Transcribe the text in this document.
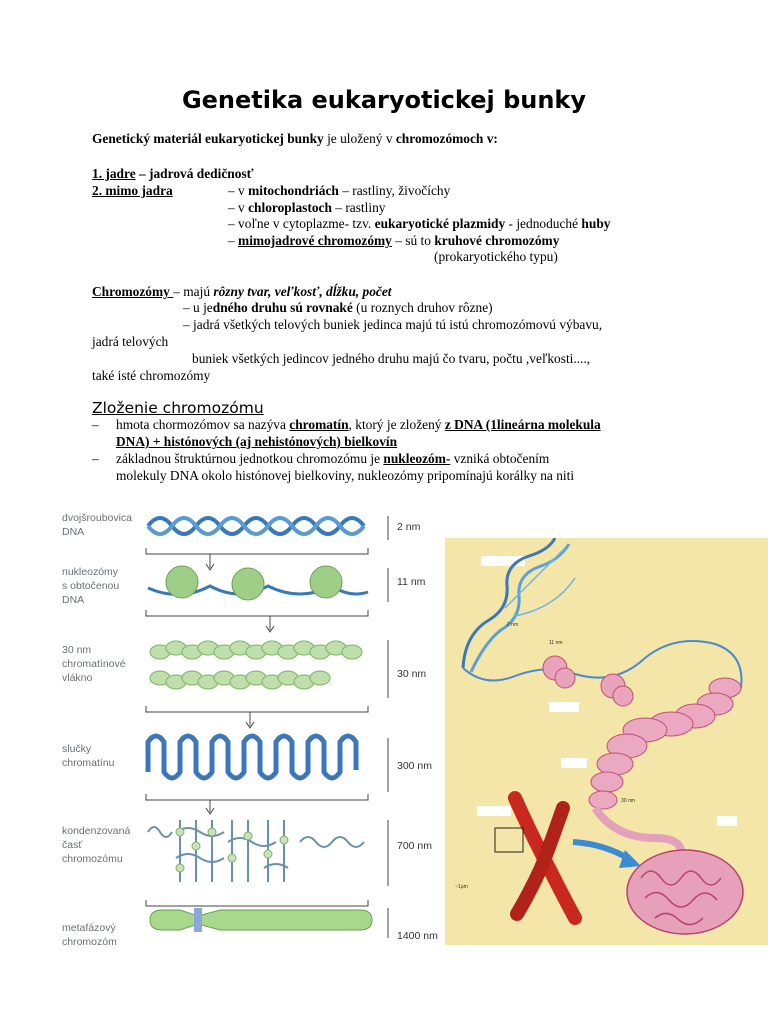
Genetika eukaryotickej bunky
Genetický materiál eukaryotickej bunky je uložený v chromozómoch v:
1. jadre – jadrová dedičnosť
2. mimo jadra	– v mitochondriách – rastliny, živočíchy
– v chloroplastoch – rastliny
– voľne v cytoplazme- tzv. eukaryotické plazmidy - jednoduché huby
– mimojadrové chromozómy – sú to kruhové chromozómy
(prokaryotického typu)
Chromozómy – majú rôzny tvar, veľkosť, dĺžku, počet
– u jedného druhu sú rovnaké (u roznych druhov rôzne)
– jadrá všetkých telových buniek jedinca majú tú istú chromozómovú výbavu,
jadrá telových
buniek všetkých jedincov jedného druhu majú čo tvaru, počtu ,veľkosti....,
také isté chromozómy
Zloženie chromozómu
– hmota chormozómov sa nazýva chromatín, ktorý je zložený z DNA (1lineárna molekula
DNA) + histónových (aj nehistónových) bielkovín
– základnou štruktúrnou jednotkou chromozómu je nukleozóm- vzniká obtočením
molekuly DNA okolo histónovej bielkoviny, nukleozómy pripomínajú korálky na niti
dvojšroubovica
DNA
nukleozómy
s obtočenou
DNA
30 nm
chromatínové
vlákno
slučky
chromatínu
kondenzovaná
časť
chromozómu
metafázový
chromozóm
2 nm
11 nm
30 nm
300 nm
700 nm
1400 nm
11 nm
30 nm
~1μm
2 nm
